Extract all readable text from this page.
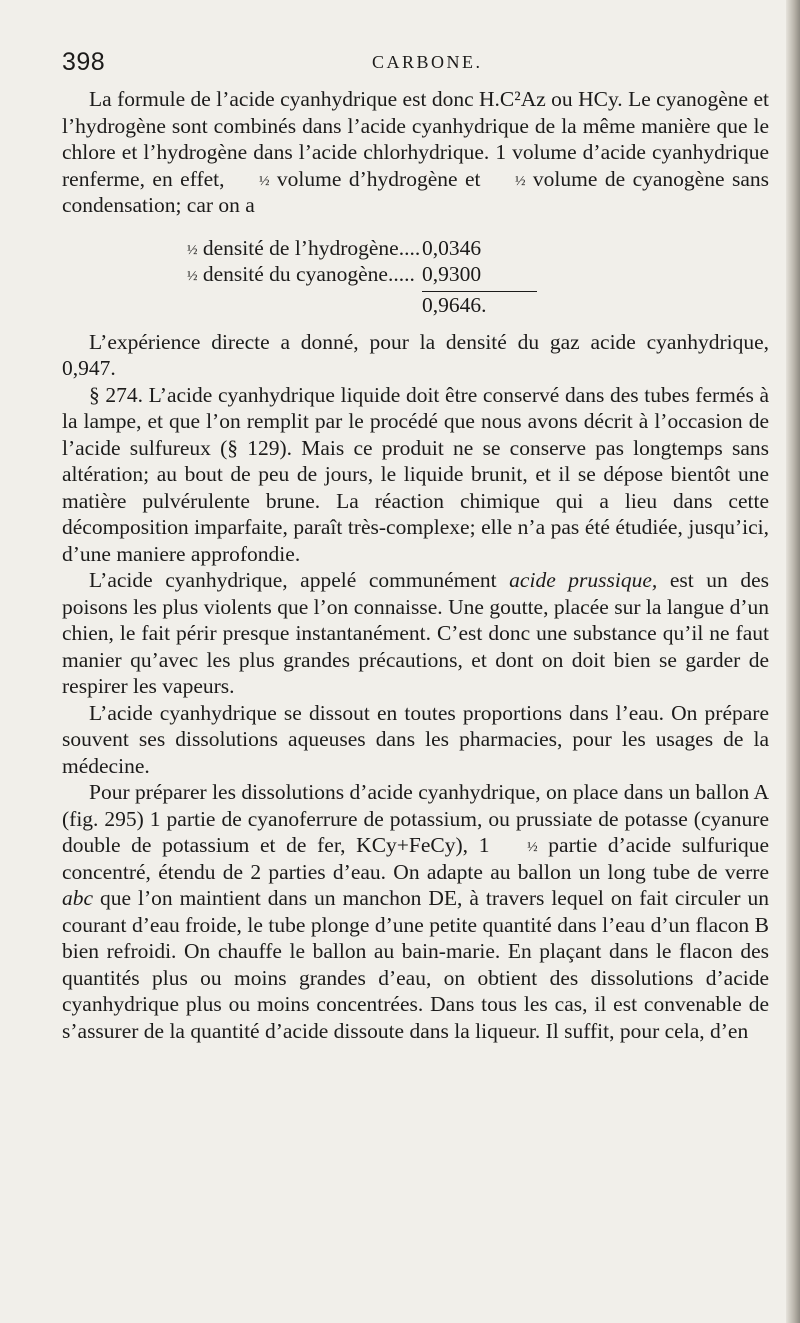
398	CARBONE.

La formule de l’acide cyanhydrique est donc H.C²Az ou HCy. Le cyanogène et l’hydrogène sont combinés dans l’acide cyanhydrique de la même manière que le chlore et l’hydrogène dans l’acide chlorhydrique. 1 volume d’acide cyanhydrique renferme, en effet, ½ volume d’hydrogène et ½ volume de cyanogène sans condensation; car on a

½ densité de l’hydrogène.... 0,0346
½ densité du cyanogène..... 0,9300
0,9646.

L’expérience directe a donné, pour la densité du gaz acide cyanhydrique, 0,947.

§ 274. L’acide cyanhydrique liquide doit être conservé dans des tubes fermés à la lampe, et que l’on remplit par le procédé que nous avons décrit à l’occasion de l’acide sulfureux (§ 129). Mais ce produit ne se conserve pas longtemps sans altération; au bout de peu de jours, le liquide brunit, et il se dépose bientôt une matière pulvérulente brune. La réaction chimique qui a lieu dans cette décomposition imparfaite, paraît très-complexe; elle n’a pas été étudiée, jusqu’ici, d’une maniere approfondie.

L’acide cyanhydrique, appelé communément acide prussique, est un des poisons les plus violents que l’on connaisse. Une goutte, placée sur la langue d’un chien, le fait périr presque instantanément. C’est donc une substance qu’il ne faut manier qu’avec les plus grandes précautions, et dont on doit bien se garder de respirer les vapeurs.

L’acide cyanhydrique se dissout en toutes proportions dans l’eau. On prépare souvent ses dissolutions aqueuses dans les pharmacies, pour les usages de la médecine.

Pour préparer les dissolutions d’acide cyanhydrique, on place dans un ballon A (fig. 295) 1 partie de cyanoferrure de potassium, ou prussiate de potasse (cyanure double de potassium et de fer, KCy+FeCy), 1 ½ partie d’acide sulfurique concentré, étendu de 2 parties d’eau. On adapte au ballon un long tube de verre abc que l’on maintient dans un manchon DE, à travers lequel on fait circuler un courant d’eau froide, le tube plonge d’une petite quantité dans l’eau d’un flacon B bien refroidi. On chauffe le ballon au bain-marie. En plaçant dans le flacon des quantités plus ou moins grandes d’eau, on obtient des dissolutions d’acide cyanhydrique plus ou moins concentrées. Dans tous les cas, il est convenable de s’assurer de la quantité d’acide dissoute dans la liqueur. Il suffit, pour cela, d’en
